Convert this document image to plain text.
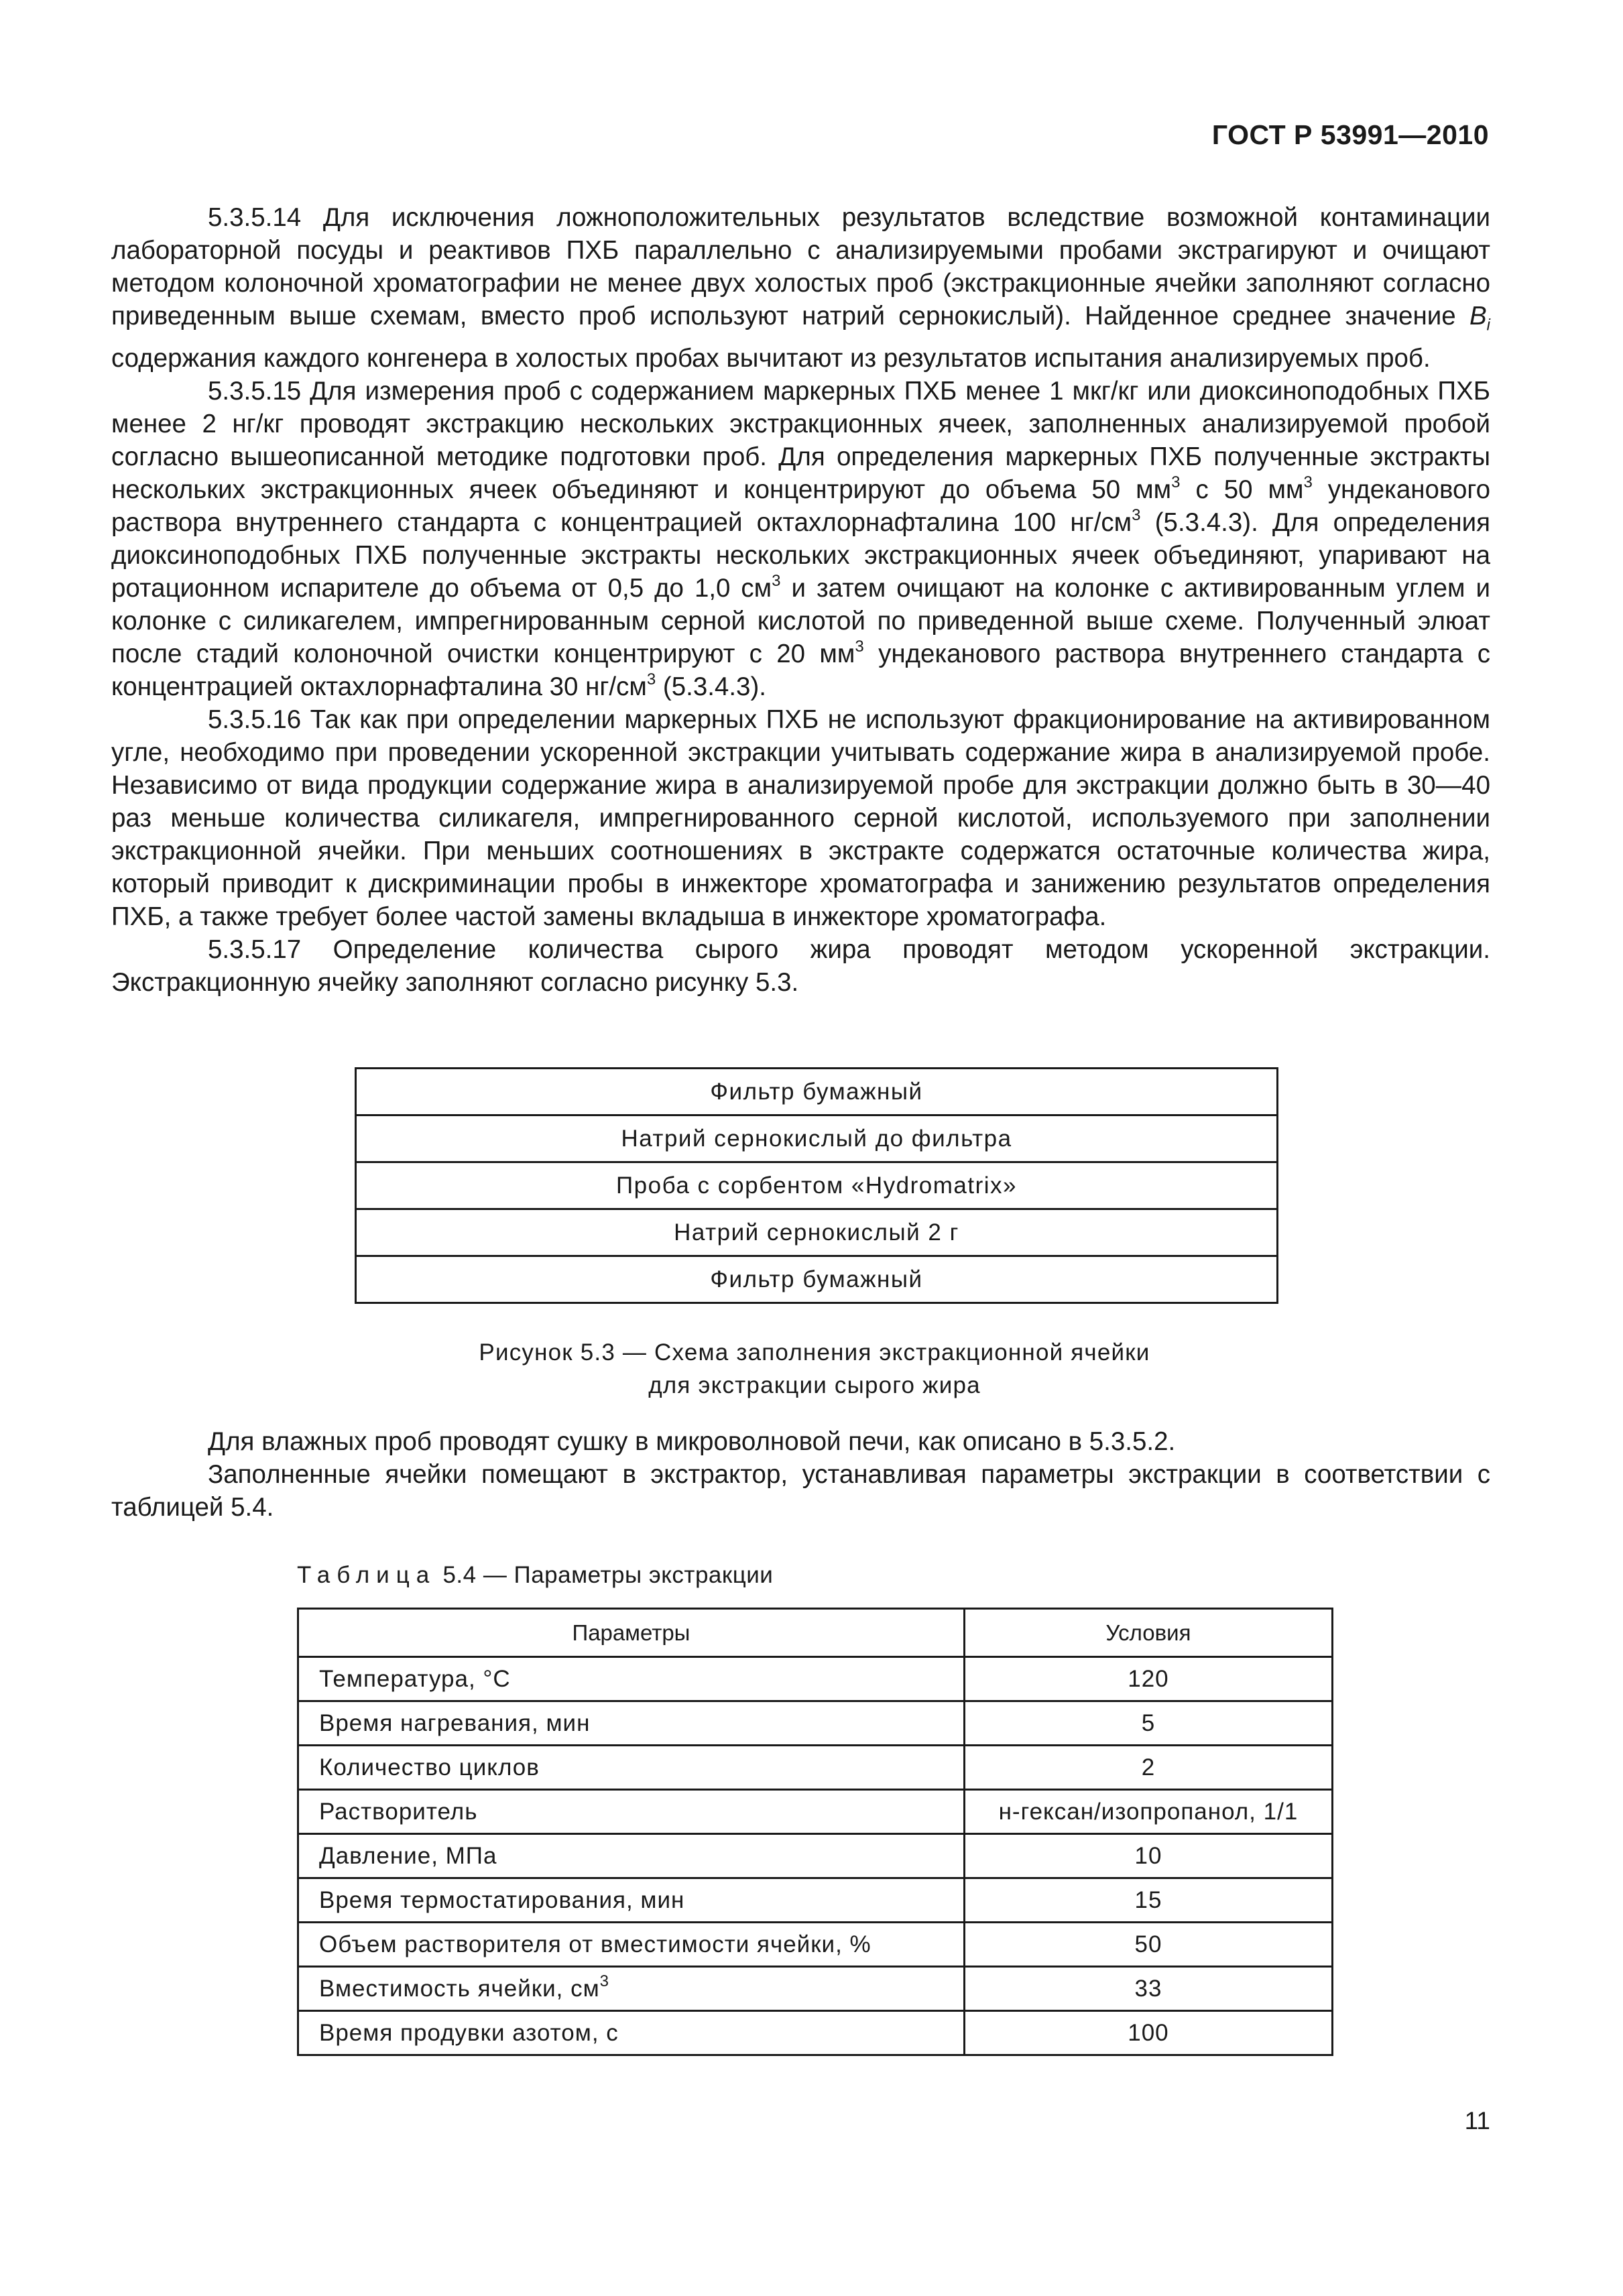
ГОСТ Р 53991—2010

5.3.5.14 Для исключения ложноположительных результатов вследствие возможной контаминации лабораторной посуды и реактивов ПХБ параллельно с анализируемыми пробами экстрагируют и очищают методом колоночной хроматографии не менее двух холостых проб (экстракционные ячейки заполняют согласно приведенным выше схемам, вместо проб используют натрий сернокислый). Найденное среднее значение $B_i$ содержания каждого конгенера в холостых пробах вычитают из результатов испытания анализируемых проб.

5.3.5.15 Для измерения проб с содержанием маркерных ПХБ менее 1 мкг/кг или диоксиноподобных ПХБ менее 2 нг/кг проводят экстракцию нескольких экстракционных ячеек, заполненных анализируемой пробой согласно вышеописанной методике подготовки проб. Для определения маркерных ПХБ полученные экстракты нескольких экстракционных ячеек объединяют и концентрируют до объема 50 $мм^3$ с 50 $мм^3$ ундеканового раствора внутреннего стандарта с концентрацией октахлорнафталина 100 $нг/см^3$ (5.3.4.3). Для определения диоксиноподобных ПХБ полученные экстракты нескольких экстракционных ячеек объединяют, упаривают на ротационном испарителе до объема от 0,5 до 1,0 $см^3$ и затем очищают на колонке с активированным углем и колонке с силикагелем, импрегнированным серной кислотой по приведенной выше схеме. Полученный элюат после стадий колоночной очистки концентрируют с 20 $мм^3$ ундеканового раствора внутреннего стандарта с концентрацией октахлорнафталина 30 $нг/см^3$ (5.3.4.3).

5.3.5.16 Так как при определении маркерных ПХБ не используют фракционирование на активированном угле, необходимо при проведении ускоренной экстракции учитывать содержание жира в анализируемой пробе. Независимо от вида продукции содержание жира в анализируемой пробе для экстракции должно быть в 30—40 раз меньше количества силикагеля, импрегнированного серной кислотой, используемого при заполнении экстракционной ячейки. При меньших соотношениях в экстракте содержатся остаточные количества жира, который приводит к дискриминации пробы в инжекторе хроматографа и занижению результатов определения ПХБ, а также требует более частой замены вкладыша в инжекторе хроматографа.

5.3.5.17 Определение количества сырого жира проводят методом ускоренной экстракции. Экстракционную ячейку заполняют согласно рисунку 5.3.

Фильтр бумажный
Натрий сернокислый до фильтра
Проба с сорбентом «Hydromatrix»
Натрий сернокислый 2 г
Фильтр бумажный
Рисунок 5.3 — Схема заполнения экстракционной ячейки
для экстракции сырого жира

Для влажных проб проводят сушку в микроволновой печи, как описано в 5.3.5.2.

Заполненные ячейки помещают в экстрактор, устанавливая параметры экстракции в соответствии с таблицей 5.4.

Таблица 5.4 — Параметры экстракции
Параметры	Условия
Температура, °С	120
Время нагревания, мин	5
Количество циклов	2
Растворитель	н-гексан/изопропанол, 1/1
Давление, МПа	10
Время термостатирования, мин	15
Объем растворителя от вместимости ячейки, %	50
Вместимость ячейки, $см^3$	33
Время продувки азотом, с	100
11
